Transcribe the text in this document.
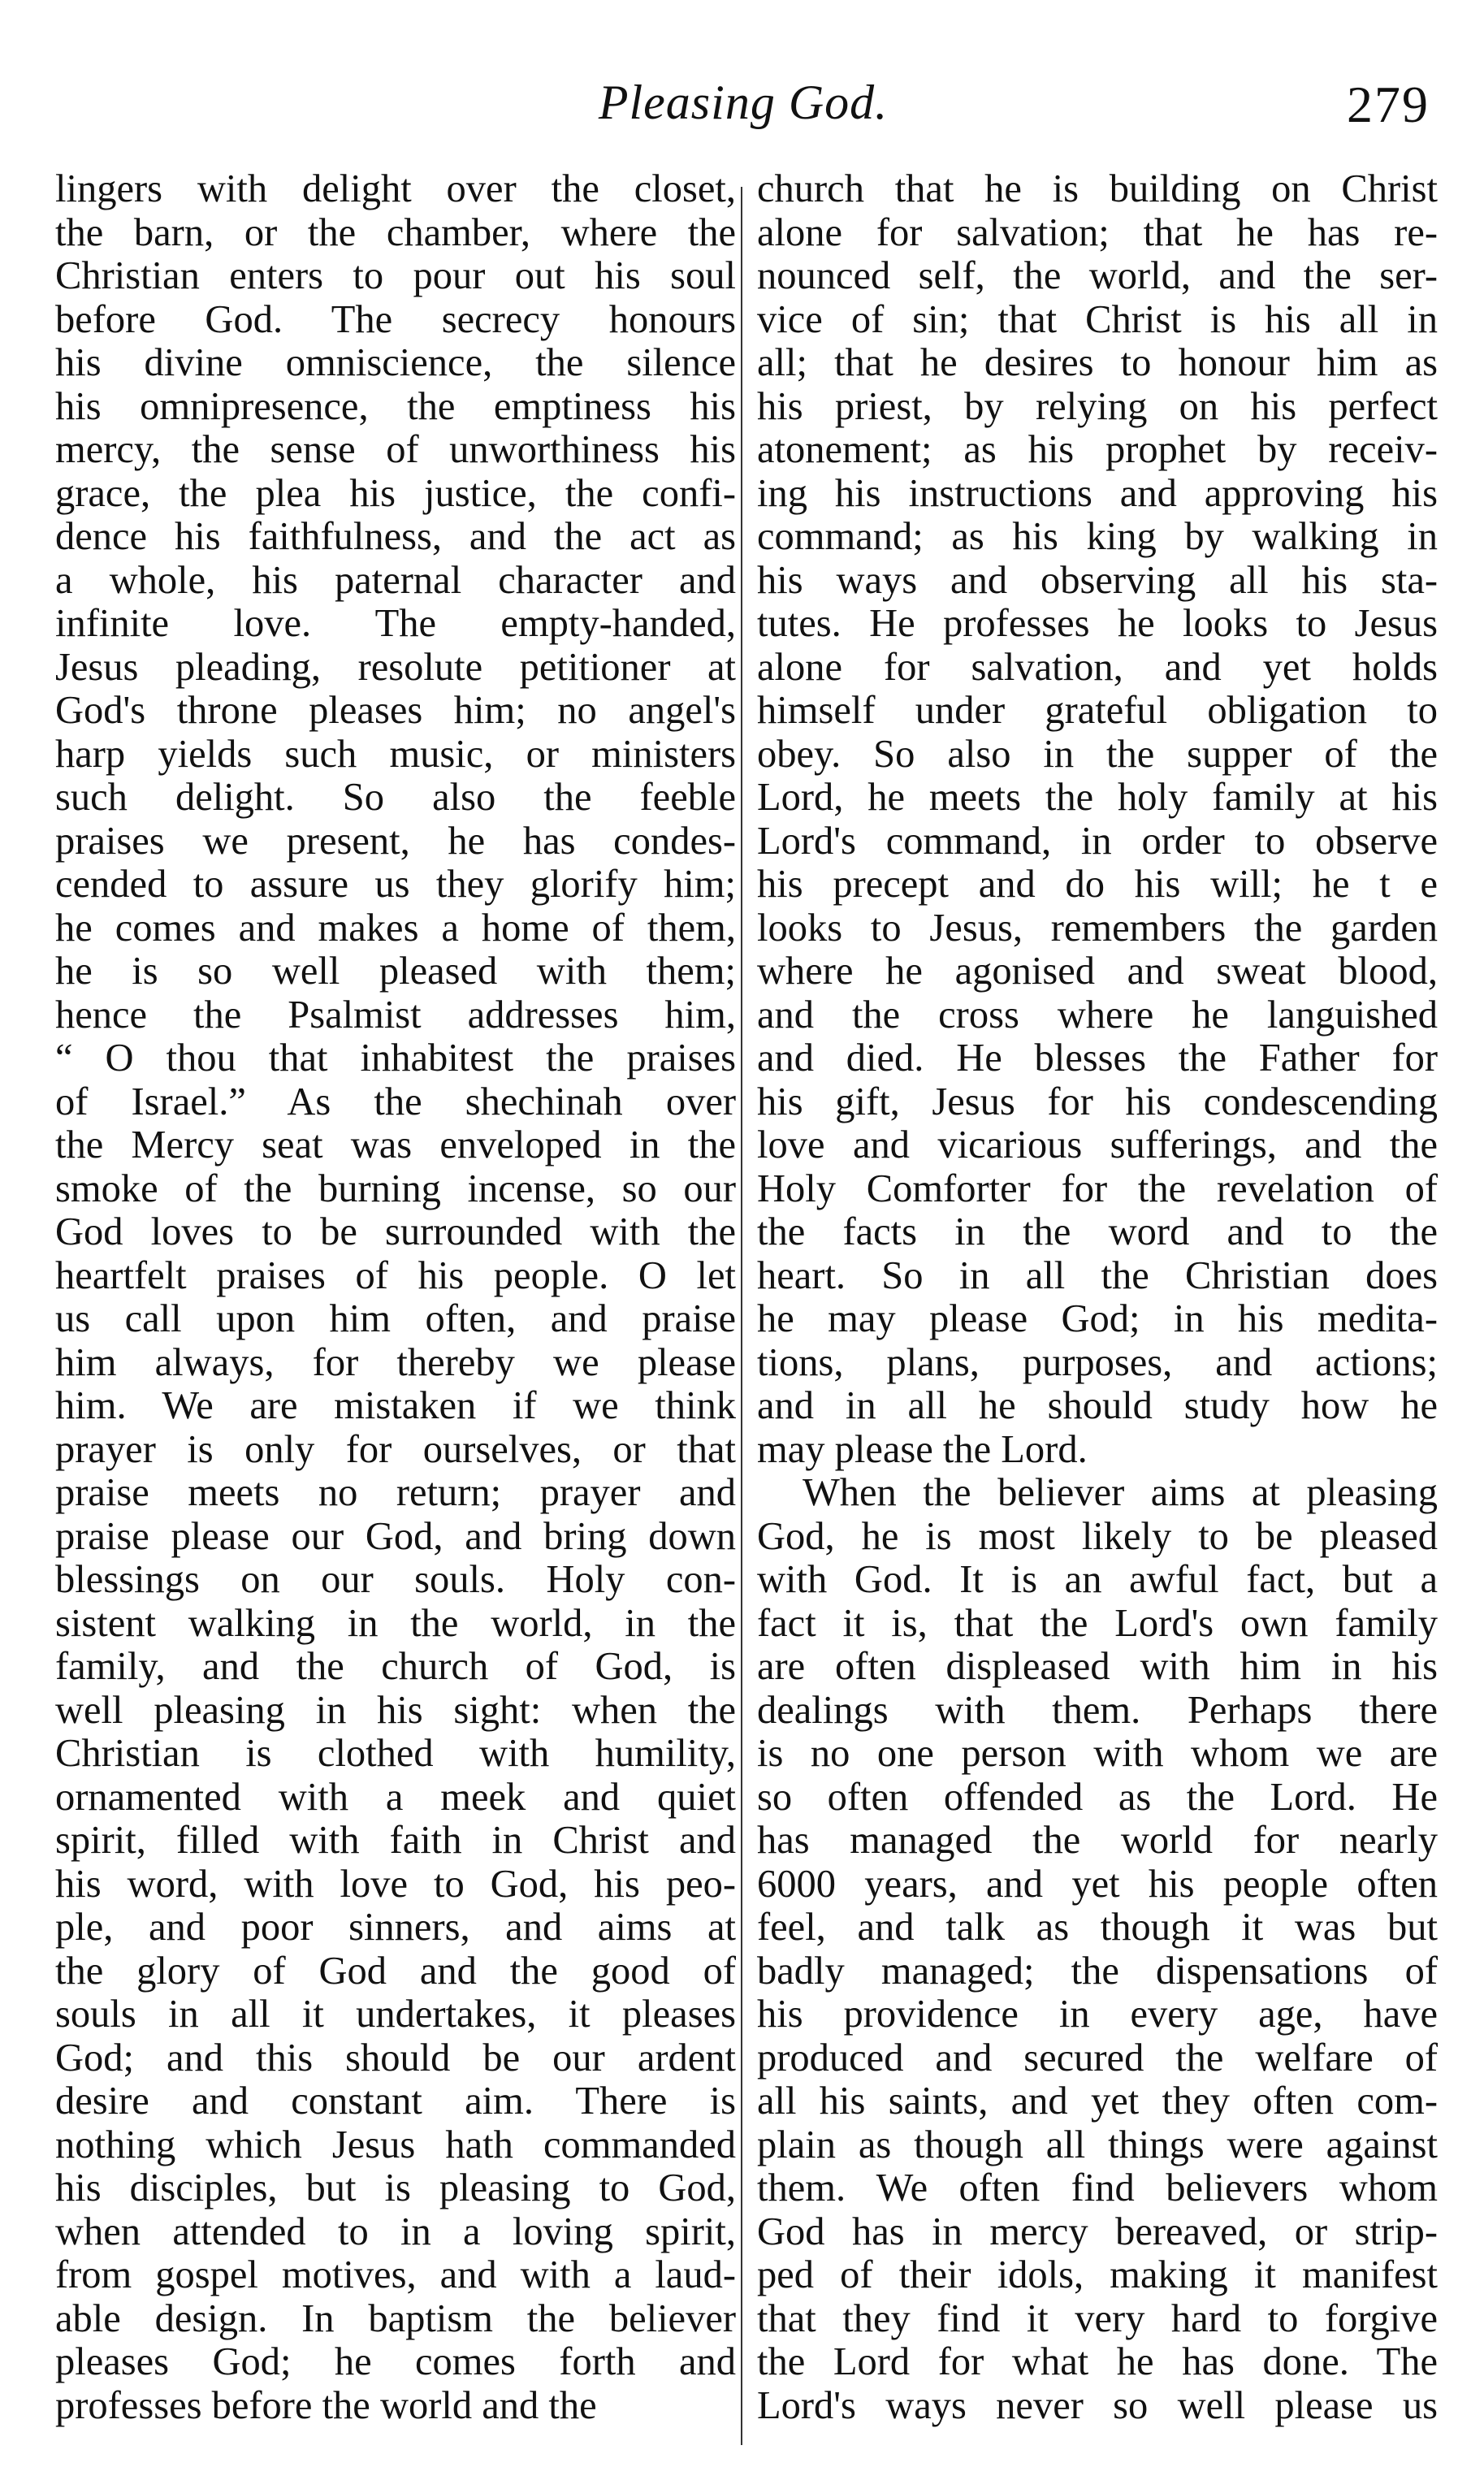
Pleasing God.	279
lingers with delight over the closet,
the barn, or the chamber, where the
Christian enters to pour out his soul
before God. The secrecy honours
his divine omniscience, the silence
his omnipresence, the emptiness his
mercy, the sense of unworthiness his
grace, the plea his justice, the confi-
dence his faithfulness, and the act as
a whole, his paternal character and
infinite love. The empty-handed,
Jesus pleading, resolute petitioner at
God's throne pleases him; no angel's
harp yields such music, or ministers
such delight. So also the feeble
praises we present, he has condes-
cended to assure us they glorify him;
he comes and makes a home of them,
he is so well pleased with them;
hence the Psalmist addresses him,
“ O thou that inhabitest the praises
of Israel.” As the shechinah over
the Mercy seat was enveloped in the
smoke of the burning incense, so our
God loves to be surrounded with the
heartfelt praises of his people. O let
us call upon him often, and praise
him always, for thereby we please
him. We are mistaken if we think
prayer is only for ourselves, or that
praise meets no return; prayer and
praise please our God, and bring down
blessings on our souls. Holy con-
sistent walking in the world, in the
family, and the church of God, is
well pleasing in his sight: when the
Christian is clothed with humility,
ornamented with a meek and quiet
spirit, filled with faith in Christ and
his word, with love to God, his peo-
ple, and poor sinners, and aims at
the glory of God and the good of
souls in all it undertakes, it pleases
God; and this should be our ardent
desire and constant aim. There is
nothing which Jesus hath commanded
his disciples, but is pleasing to God,
when attended to in a loving spirit,
from gospel motives, and with a laud-
able design. In baptism the believer
pleases God; he comes forth and
professes before the world and the
church that he is building on Christ
alone for salvation; that he has re-
nounced self, the world, and the ser-
vice of sin; that Christ is his all in
all; that he desires to honour him as
his priest, by relying on his perfect
atonement; as his prophet by receiv-
ing his instructions and approving his
command; as his king by walking in
his ways and observing all his sta-
tutes. He professes he looks to Jesus
alone for salvation, and yet holds
himself under grateful obligation to
obey. So also in the supper of the
Lord, he meets the holy family at his
Lord's command, in order to observe
his precept and do his will; he t e
looks to Jesus, remembers the garden
where he agonised and sweat blood,
and the cross where he languished
and died. He blesses the Father for
his gift, Jesus for his condescending
love and vicarious sufferings, and the
Holy Comforter for the revelation of
the facts in the word and to the
heart. So in all the Christian does
he may please God; in his medita-
tions, plans, purposes, and actions;
and in all he should study how he
may please the Lord.
When the believer aims at pleasing
God, he is most likely to be pleased
with God. It is an awful fact, but a
fact it is, that the Lord's own family
are often displeased with him in his
dealings with them. Perhaps there
is no one person with whom we are
so often offended as the Lord. He
has managed the world for nearly
6000 years, and yet his people often
feel, and talk as though it was but
badly managed; the dispensations of
his providence in every age, have
produced and secured the welfare of
all his saints, and yet they often com-
plain as though all things were against
them. We often find believers whom
God has in mercy bereaved, or strip-
ped of their idols, making it manifest
that they find it very hard to forgive
the Lord for what he has done. The
Lord's ways never so well please us
